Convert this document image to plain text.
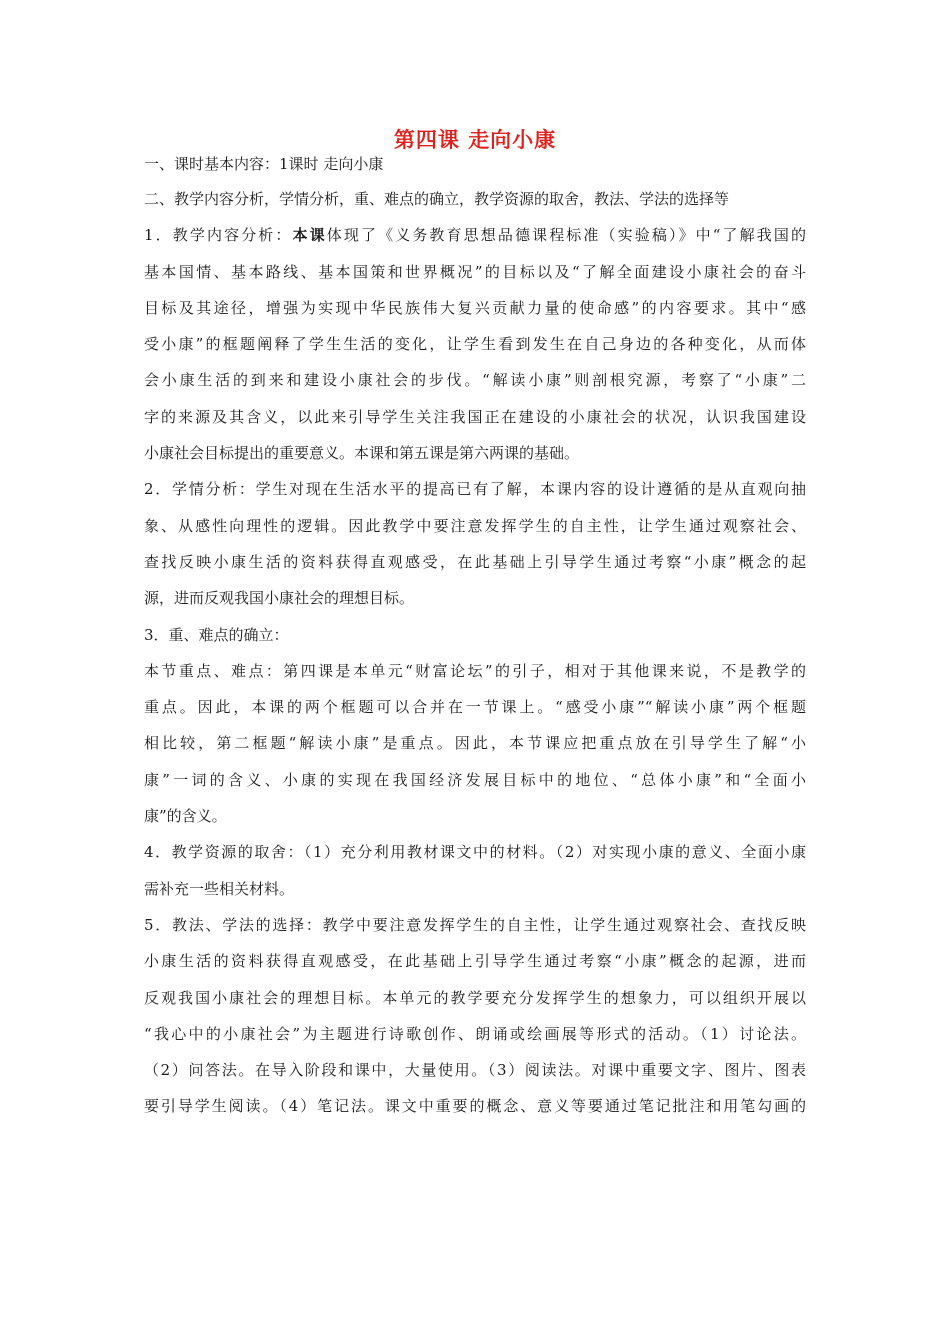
第四课 走向小康
一、课时基本内容：1课时 走向小康
二、教学内容分析，学情分析，重、难点的确立，教学资源的取舍，教法、学法的选择等
1．教学内容分析：本课体现了《义务教育思想品德课程标准（实验稿）》中“了解我国的
基本国情、基本路线、基本国策和世界概况”的目标以及“了解全面建设小康社会的奋斗
目标及其途径，增强为实现中华民族伟大复兴贡献力量的使命感”的内容要求。其中“感
受小康”的框题阐释了学生生活的变化，让学生看到发生在自己身边的各种变化，从而体
会小康生活的到来和建设小康社会的步伐。“解读小康”则剖根究源，考察了“小康”二
字的来源及其含义，以此来引导学生关注我国正在建设的小康社会的状况，认识我国建设
小康社会目标提出的重要意义。本课和第五课是第六两课的基础。
2．学情分析：学生对现在生活水平的提高已有了解，本课内容的设计遵循的是从直观向抽
象、从感性向理性的逻辑。因此教学中要注意发挥学生的自主性，让学生通过观察社会、
查找反映小康生活的资料获得直观感受，在此基础上引导学生通过考察“小康”概念的起
源，进而反观我国小康社会的理想目标。
3．重、难点的确立：
本节重点、难点：第四课是本单元“财富论坛”的引子，相对于其他课来说，不是教学的
重点。因此，本课的两个框题可以合并在一节课上。“感受小康”“解读小康”两个框题
相比较，第二框题“解读小康”是重点。因此，本节课应把重点放在引导学生了解“小
康”一词的含义、小康的实现在我国经济发展目标中的地位、“总体小康”和“全面小
康”的含义。
4．教学资源的取舍：（1）充分利用教材课文中的材料。（2）对实现小康的意义、全面小康
需补充一些相关材料。
5．教法、学法的选择：教学中要注意发挥学生的自主性，让学生通过观察社会、查找反映
小康生活的资料获得直观感受，在此基础上引导学生通过考察“小康”概念的起源，进而
反观我国小康社会的理想目标。本单元的教学要充分发挥学生的想象力，可以组织开展以
“我心中的小康社会”为主题进行诗歌创作、朗诵或绘画展等形式的活动。（1）讨论法。
（2）问答法。在导入阶段和课中，大量使用。（3）阅读法。对课中重要文字、图片、图表
要引导学生阅读。（4）笔记法。课文中重要的概念、意义等要通过笔记批注和用笔勾画的
